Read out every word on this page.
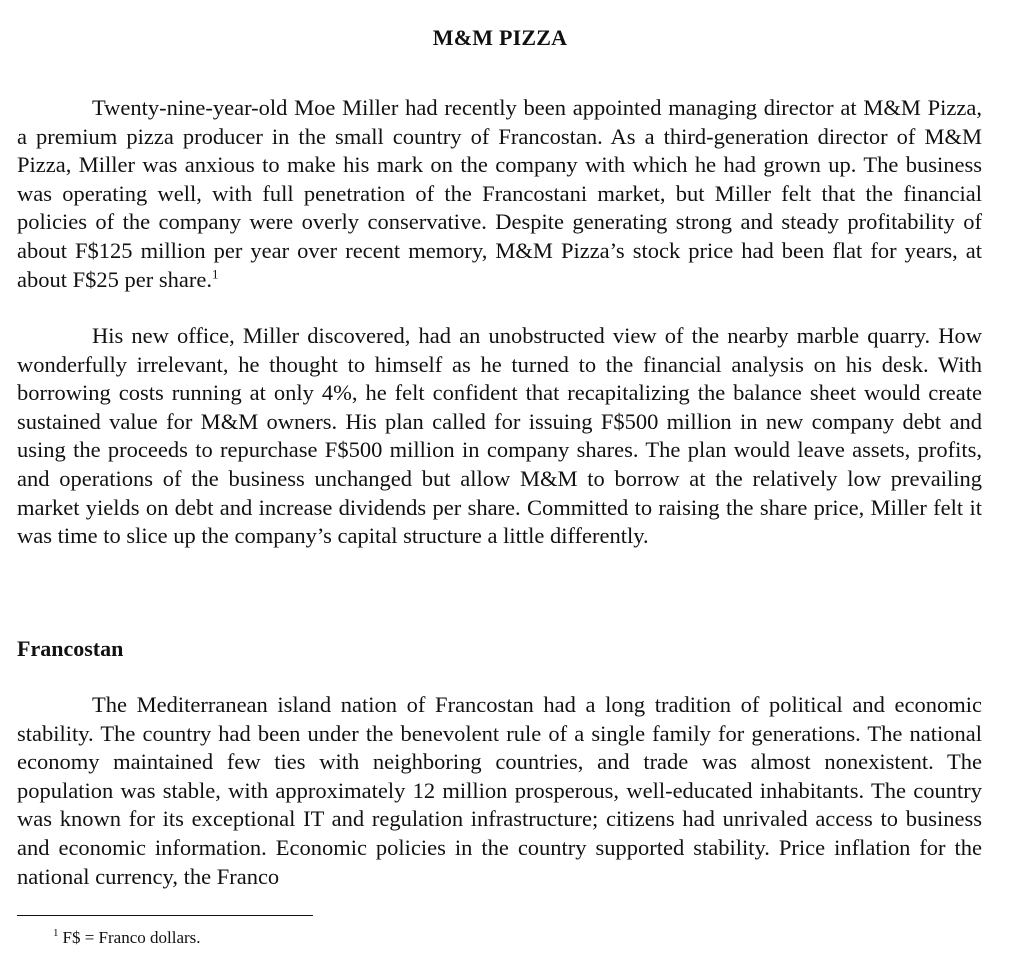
M&M PIZZA

Twenty-nine-year-old Moe Miller had recently been appointed managing director at M&M Pizza, a premium pizza producer in the small country of Francostan. As a third-generation director of M&M Pizza, Miller was anxious to make his mark on the company with which he had grown up. The business was operating well, with full penetration of the Francostani market, but Miller felt that the financial policies of the company were overly conservative. Despite generating strong and steady profitability of about F$125 million per year over recent memory, M&M Pizza’s stock price had been flat for years, at about F$25 per share.$^1$

His new office, Miller discovered, had an unobstructed view of the nearby marble quarry. How wonderfully irrelevant, he thought to himself as he turned to the financial analysis on his desk. With borrowing costs running at only 4%, he felt confident that recapitalizing the balance sheet would create sustained value for M&M owners. His plan called for issuing F$500 million in new company debt and using the proceeds to repurchase F$500 million in company shares. The plan would leave assets, profits, and operations of the business unchanged but allow M&M to borrow at the relatively low prevailing market yields on debt and increase dividends per share. Committed to raising the share price, Miller felt it was time to slice up the company’s capital structure a little differently.

Francostan

The Mediterranean island nation of Francostan had a long tradition of political and economic stability. The country had been under the benevolent rule of a single family for generations. The national economy maintained few ties with neighboring countries, and trade was almost nonexistent. The population was stable, with approximately 12 million prosperous, well-educated inhabitants. The country was known for its exceptional IT and regulation infrastructure; citizens had unrivaled access to business and economic information. Economic policies in the country supported stability. Price inflation for the national currency, the Franco

$^1$ F$ = Franco dollars.
